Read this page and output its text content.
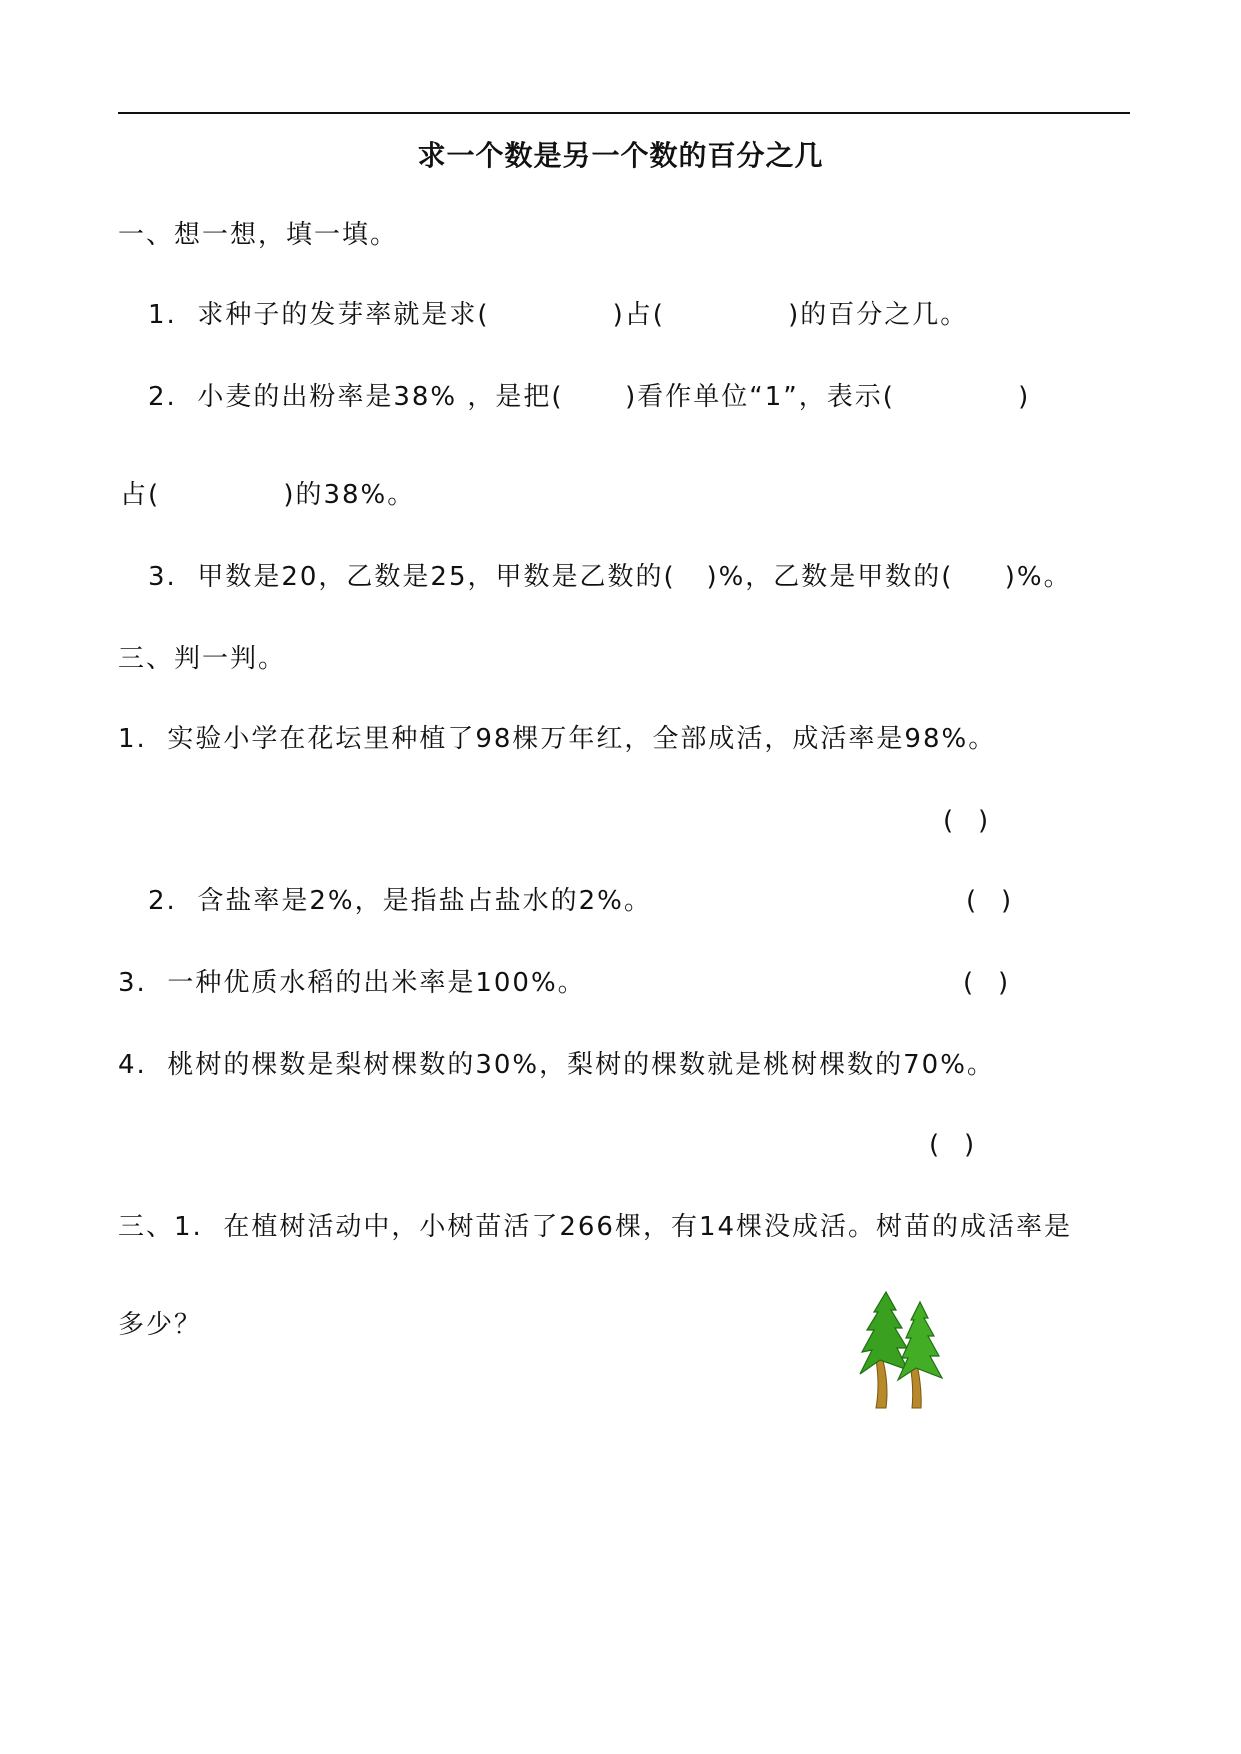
求一个数是另一个数的百分之几
一、想一想，填一填。
1.  求种子的发芽率就是求(            )占(            )的百分之几。
2.  小麦的出粉率是38% ，是把(      )看作单位“1”，表示(            )
占(            )的38%。
3.  甲数是20，乙数是25，甲数是乙数的(   )%，乙数是甲数的(     )%。
三、判一判。
1.  实验小学在花坛里种植了98棵万年红，全部成活，成活率是98%。
(   )
2.  含盐率是2%，是指盐占盐水的2%。	(   )
3.  一种优质水稻的出米率是100%。	(   )
4.  桃树的棵数是梨树棵数的30%，梨树的棵数就是桃树棵数的70%。
(   )
三、1.  在植树活动中，小树苗活了266棵，有14棵没成活。树苗的成活率是
多少？
